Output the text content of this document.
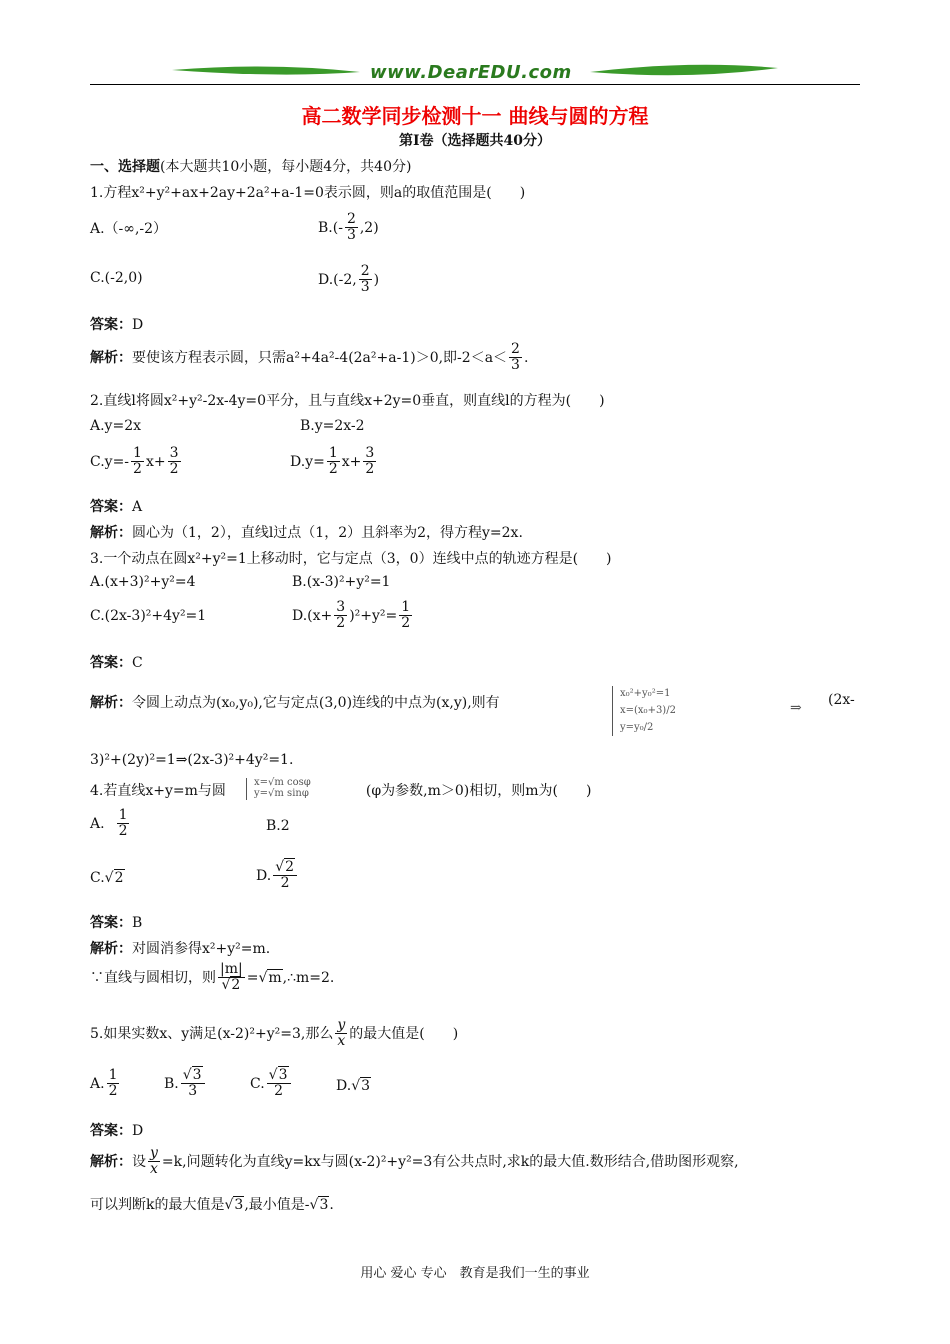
www.DearEDU.com
高二数学同步检测十一 曲线与圆的方程
第Ⅰ卷（选择题共40分）
一、选择题(本大题共10小题，每小题4分，共40分)
1.方程x²+y²+ax+2ay+2a²+a-1=0表示圆，则a的取值范围是(　　)
A.（-∞,-2）	$B.(- \frac{2}{3} ,2)$
C.(-2,0)	D.(-2, $\frac{2}{3}$ )
答案：D
解析：要使该方程表示圆，只需a²+4a²-4(2a²+a-1)＞0,即$-2<a< \frac{2}{3}$ .
2.直线l将圆x²+y²-2x-4y=0平分，且与直线x+2y=0垂直，则直线l的方程为(　　)
A.y=2x	B.y=2x-2
$C.y=- \frac{1}{2} x+ \frac{3}{2}$	$D.y= \frac{1}{2} x+ \frac{3}{2}$
答案：A
解析：圆心为（1，2），直线l过点（1，2）且斜率为2，得方程y=2x.
3.一个动点在圆x²+y²=1上移动时，它与定点（3，0）连线中点的轨迹方程是(　　)
A.(x+3)²+y²=4	B.(x-3)²+y²=1
C.(2x-3)²+4y²=1	$D.(x+ \frac{3}{2} )^2+y^2= \frac{1}{2}$
答案：C
解析：令圆上动点为(x₀,y₀),它与定点(3,0)连线的中点为(x,y),则有
x₀²+y₀²=1
x=(x₀+3)/2
y=y₀/2
⇒ (2x-
3)²+(2y)²=1⇒(2x-3)²+4y²=1.
4.若直线x+y=m与圆	(φ为参数,m＞0)相切，则m为(　　)
x=√m cosφ
y=√m sinφ
A. $\frac{1}{2}$	B.2
C.√2	D. $\frac{√2}{2}$
答案：B
解析：对圆消参得x²+y²=m.
∵直线与圆相切，则 $\frac{|m|}{√2}$ =√m,∴m=2.
5.如果实数x、y满足(x-2)²+y²=3,那么 $\frac{y}{x}$ 的最大值是(　　)
A. $\frac{1}{2}$	B. $\frac{√3}{3}$	C. $\frac{√3}{2}$	D.√3
答案：D
解析：设 $\frac{y}{x} =k$,问题转化为直线y=kx与圆(x-2)²+y²=3有公共点时,求k的最大值.数形结合,借助图形观察,
可以判断k的最大值是√3,最小值是-√3.
用心 爱心 专心　教育是我们一生的事业
